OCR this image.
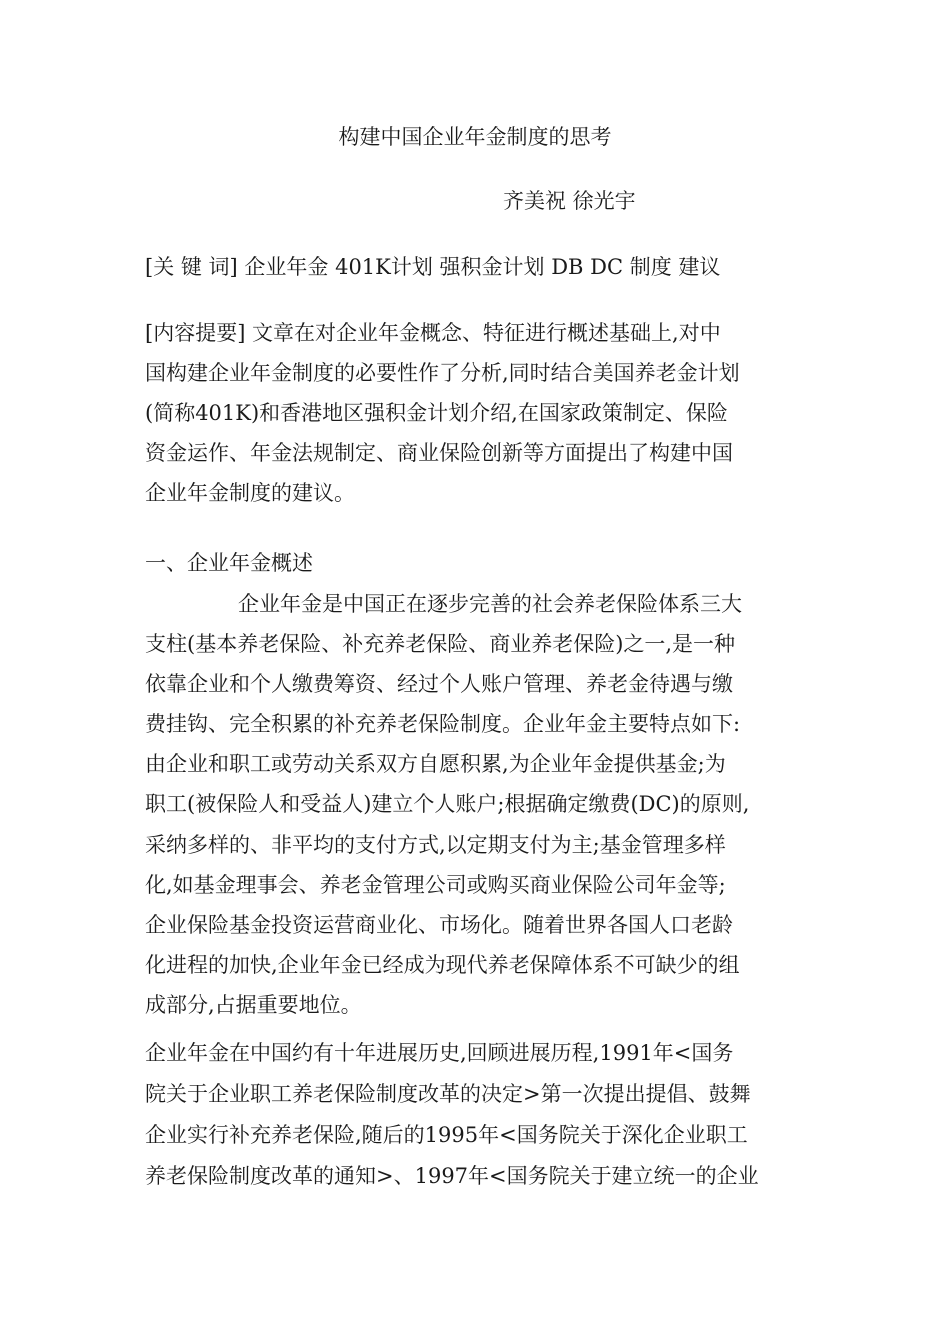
构建中国企业年金制度的思考
齐美祝 徐光宇
[关 键 词] 企业年金 401K计划 强积金计划 DB DC 制度 建议
[内容提要] 文章在对企业年金概念、特征进行概述基础上,对中
国构建企业年金制度的必要性作了分析,同时结合美国养老金计划
(简称401K)和香港地区强积金计划介绍,在国家政策制定、保险
资金运作、年金法规制定、商业保险创新等方面提出了构建中国
企业年金制度的建议。
一、企业年金概述
企业年金是中国正在逐步完善的社会养老保险体系三大
支柱(基本养老保险、补充养老保险、商业养老保险)之一,是一种
依靠企业和个人缴费筹资、经过个人账户管理、养老金待遇与缴
费挂钩、完全积累的补充养老保险制度。企业年金主要特点如下:
由企业和职工或劳动关系双方自愿积累,为企业年金提供基金;为
职工(被保险人和受益人)建立个人账户;根据确定缴费(DC)的原则,
采纳多样的、非平均的支付方式,以定期支付为主;基金管理多样
化,如基金理事会、养老金管理公司或购买商业保险公司年金等;
企业保险基金投资运营商业化、市场化。随着世界各国人口老龄
化进程的加快,企业年金已经成为现代养老保障体系不可缺少的组
成部分,占据重要地位。
企业年金在中国约有十年进展历史,回顾进展历程,1991年<国务
院关于企业职工养老保险制度改革的决定>第一次提出提倡、鼓舞
企业实行补充养老保险,随后的1995年<国务院关于深化企业职工
养老保险制度改革的通知>、1997年<国务院关于建立统一的企业
